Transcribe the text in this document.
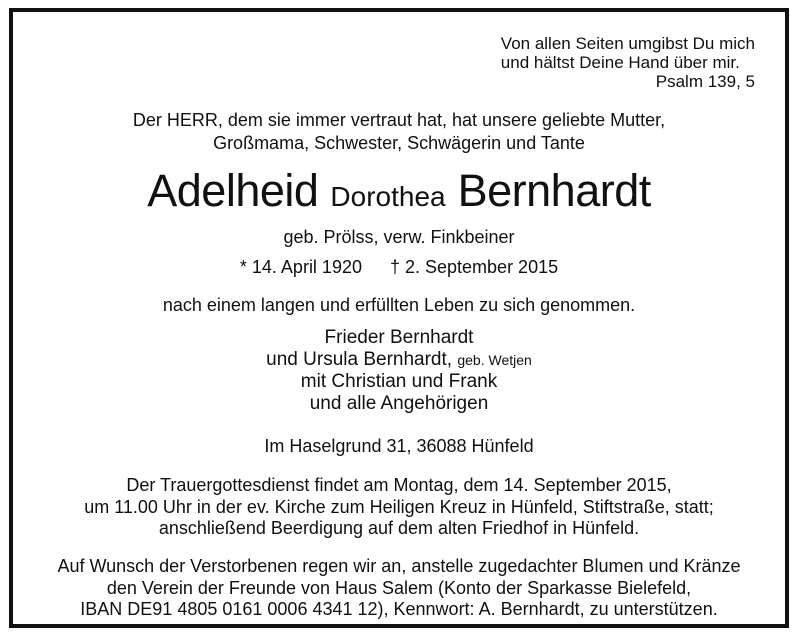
Von allen Seiten umgibst Du mich
und hältst Deine Hand über mir.
Psalm 139, 5
Der HERR, dem sie immer vertraut hat, hat unsere geliebte Mutter,
Großmama, Schwester, Schwägerin und Tante
Adelheid Dorothea Bernhardt
geb. Prölss, verw. Finkbeiner
* 14. April 1920 † 2. September 2015
nach einem langen und erfüllten Leben zu sich genommen.
Frieder Bernhardt
und Ursula Bernhardt, geb. Wetjen
mit Christian und Frank
und alle Angehörigen
Im Haselgrund 31, 36088 Hünfeld
Der Trauergottesdienst findet am Montag, dem 14. September 2015,
um 11.00 Uhr in der ev. Kirche zum Heiligen Kreuz in Hünfeld, Stiftstraße, statt;
anschließend Beerdigung auf dem alten Friedhof in Hünfeld.
Auf Wunsch der Verstorbenen regen wir an, anstelle zugedachter Blumen und Kränze
den Verein der Freunde von Haus Salem (Konto der Sparkasse Bielefeld,
IBAN DE91 4805 0161 0006 4341 12), Kennwort: A. Bernhardt, zu unterstützen.
